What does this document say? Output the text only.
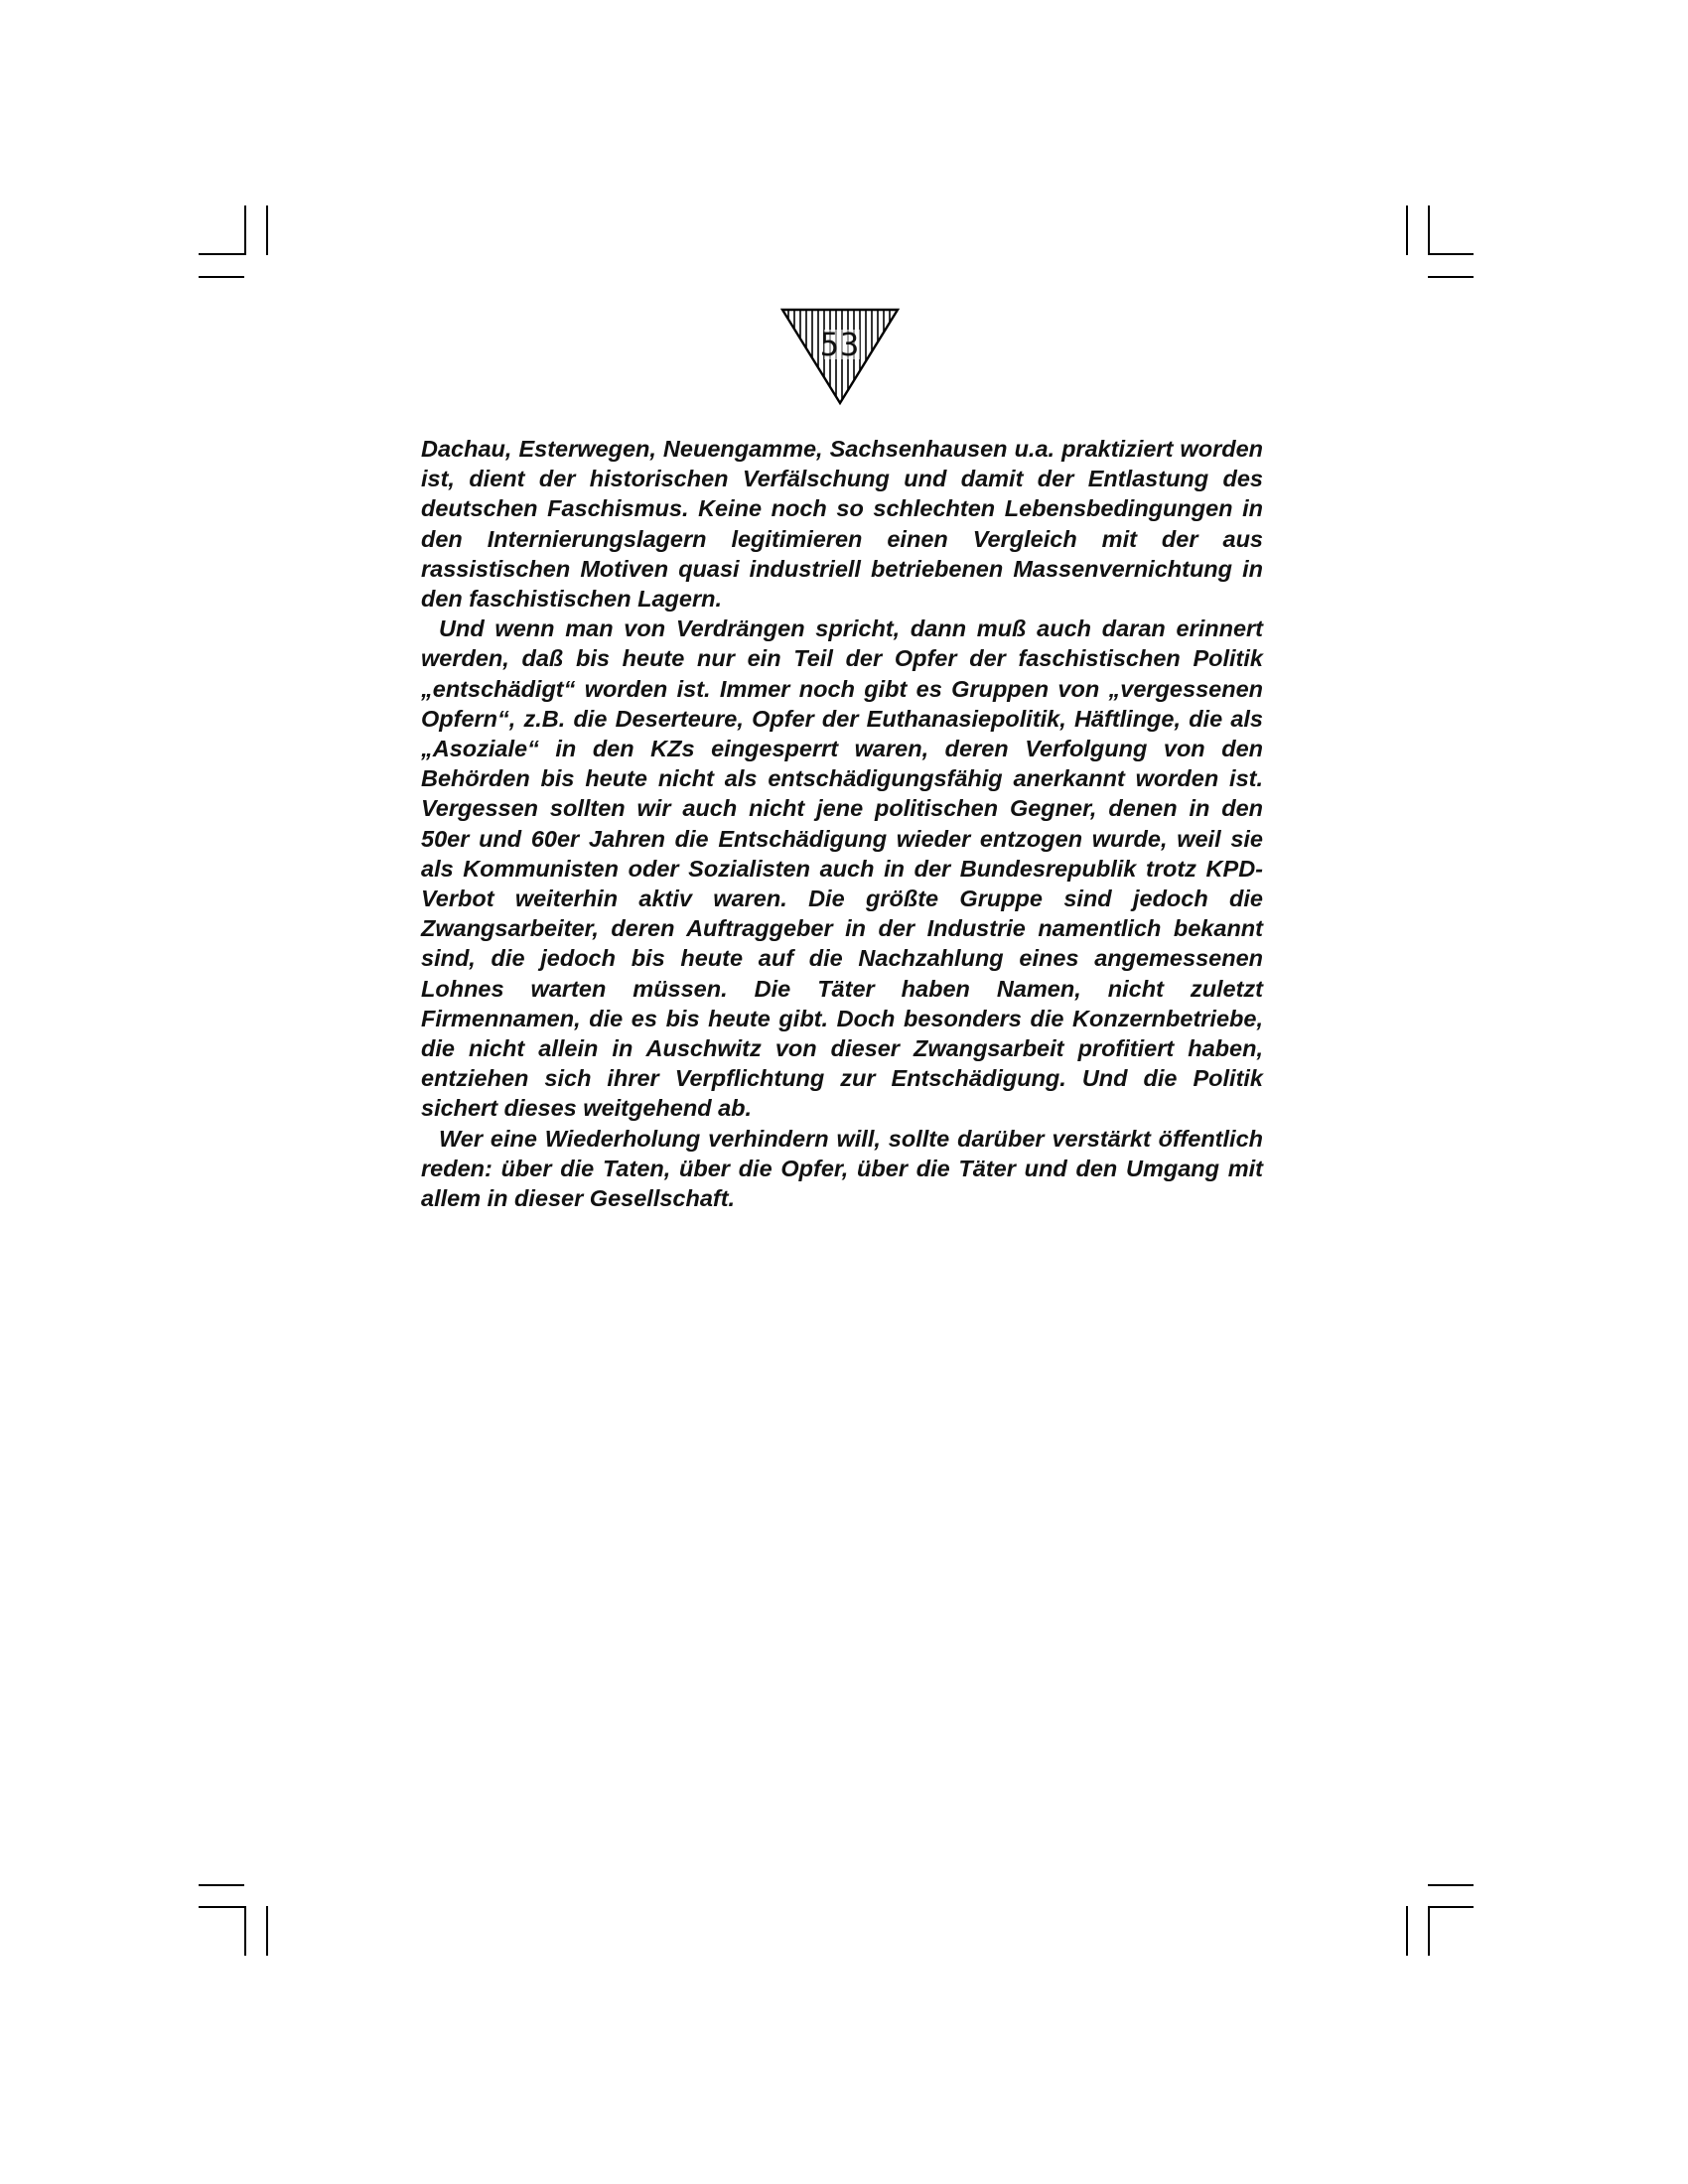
53

Dachau, Esterwegen, Neuengamme, Sachsenhausen u.a. praktiziert worden ist, dient der historischen Verfälschung und damit der Entlastung des deutschen Faschismus. Keine noch so schlechten Lebensbedingungen in den Internierungslagern legitimieren einen Vergleich mit der aus rassistischen Motiven quasi industriell betriebenen Massenvernichtung in den faschistischen Lagern.

Und wenn man von Verdrängen spricht, dann muß auch daran erinnert werden, daß bis heute nur ein Teil der Opfer der faschistischen Politik „entschädigt“ worden ist. Immer noch gibt es Gruppen von „vergessenen Opfern“, z.B. die Deserteure, Opfer der Euthanasiepolitik, Häftlinge, die als „Asoziale“ in den KZs eingesperrt waren, deren Verfolgung von den Behörden bis heute nicht als entschädigungsfähig anerkannt worden ist. Vergessen sollten wir auch nicht jene politischen Gegner, denen in den 50er und 60er Jahren die Entschädigung wieder entzogen wurde, weil sie als Kommunisten oder Sozialisten auch in der Bundesrepublik trotz KPD-Verbot weiterhin aktiv waren. Die größte Gruppe sind jedoch die Zwangsarbeiter, deren Auftraggeber in der Industrie namentlich bekannt sind, die jedoch bis heute auf die Nachzahlung eines angemessenen Lohnes warten müssen. Die Täter haben Namen, nicht zuletzt Firmennamen, die es bis heute gibt. Doch besonders die Konzernbetriebe, die nicht allein in Auschwitz von dieser Zwangsarbeit profitiert haben, entziehen sich ihrer Verpflichtung zur Entschädigung. Und die Politik sichert dieses weitgehend ab.

Wer eine Wiederholung verhindern will, sollte darüber verstärkt öffentlich reden: über die Taten, über die Opfer, über die Täter und den Umgang mit allem in dieser Gesellschaft.
